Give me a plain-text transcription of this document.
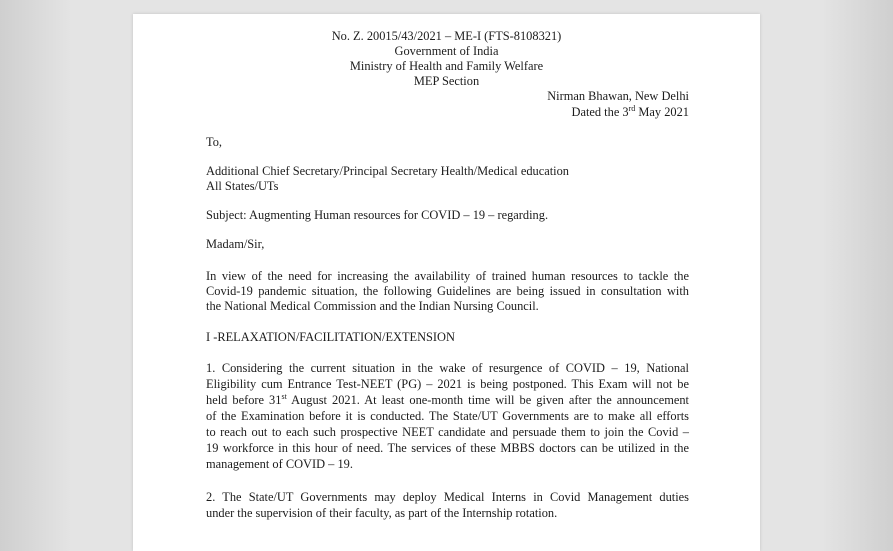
No. Z. 20015/43/2021 – ME-I (FTS-8108321)
Government of India
Ministry of Health and Family Welfare
MEP Section
Nirman Bhawan, New Delhi
Dated the 3rd May 2021
To,
Additional Chief Secretary/Principal Secretary Health/Medical education
All States/UTs
Subject: Augmenting Human resources for COVID – 19 – regarding.
Madam/Sir,
In view of the need for increasing the availability of trained human resources to tackle the
Covid-19 pandemic situation, the following Guidelines are being issued in consultation with
the National Medical Commission and the Indian Nursing Council.
I -RELAXATION/FACILITATION/EXTENSION
1. Considering the current situation in the wake of resurgence of COVID – 19, National
Eligibility cum Entrance Test-NEET (PG) – 2021 is being postponed. This Exam will not be
held before 31st August 2021. At least one-month time will be given after the announcement
of the Examination before it is conducted. The State/UT Governments are to make all efforts
to reach out to each such prospective NEET candidate and persuade them to join the Covid –
19 workforce in this hour of need. The services of these MBBS doctors can be utilized in the
management of COVID – 19.
2. The State/UT Governments may deploy Medical Interns in Covid Management duties
under the supervision of their faculty, as part of the Internship rotation.
